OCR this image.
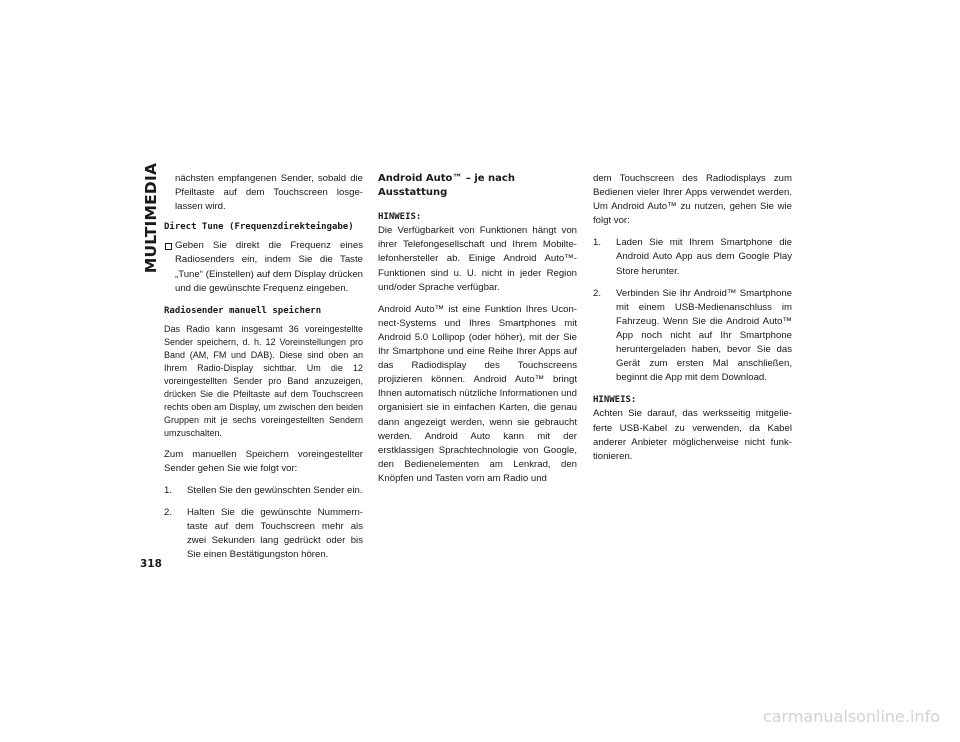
MULTIMEDIA
318

nächsten empfangenen Sender, sobald die Pfeiltaste auf dem Touchscreen losge- lassen wird.

Direct Tune (Frequenzdirekteingabe)

Geben Sie direkt die Frequenz eines Radiosenders ein, indem Sie die Taste „Tune“ (Einstellen) auf dem Display drücken und die gewünschte Frequenz eingeben.

Radiosender manuell speichern

Das Radio kann insgesamt 36 voreingestellte Sender speichern, d. h. 12 Voreinstellungen pro Band (AM, FM und DAB). Diese sind oben an Ihrem Radio-Display sichtbar. Um die 12 voreingestellten Sender pro Band anzuzeigen, drücken Sie die Pfeiltaste auf dem Touchscreen rechts oben am Display, um zwischen den beiden Gruppen mit je sechs voreingestellten Sendern umzuschalten.

Zum manuellen Speichern voreingestellter Sender gehen Sie wie folgt vor:

1. Stellen Sie den gewünschten Sender ein.
2. Halten Sie die gewünschte Nummern- taste auf dem Touchscreen mehr als zwei Sekunden lang gedrückt oder bis Sie einen Bestätigungston hören.
Android Auto™ – je nach Ausstattung
HINWEIS:

Die Verfügbarkeit von Funktionen hängt von ihrer Telefongesellschaft und Ihrem Mobilte- lefonhersteller ab. Einige Android Auto™-Funktionen sind u. U. nicht in jeder Region und/oder Sprache verfügbar.

Android Auto™ ist eine Funktion Ihres Ucon- nect-Systems und Ihres Smartphones mit Android 5.0 Lollipop (oder höher), mit der Sie Ihr Smartphone und eine Reihe Ihrer Apps auf das Radiodisplay des Touchscreens projizieren können. Android Auto™ bringt Ihnen automatisch nützliche Informationen und organisiert sie in einfachen Karten, die genau dann angezeigt werden, wenn sie gebraucht werden. Android Auto kann mit der erstklassigen Sprachtechnologie von Google, den Bedienelementen am Lenkrad, den Knöpfen und Tasten vorn am Radio und

dem Touchscreen des Radiodisplays zum Bedienen vieler Ihrer Apps verwendet werden. Um Android Auto™ zu nutzen, gehen Sie wie folgt vor:

1. Laden Sie mit Ihrem Smartphone die Android Auto App aus dem Google Play Store herunter.
2. Verbinden Sie Ihr Android™ Smartphone mit einem USB-Medienanschluss im Fahrzeug. Wenn Sie die Android Auto™ App noch nicht auf Ihr Smartphone heruntergeladen haben, bevor Sie das Gerät zum ersten Mal anschließen, beginnt die App mit dem Download.
HINWEIS:

Achten Sie darauf, das werksseitig mitgelie- ferte USB-Kabel zu verwenden, da Kabel anderer Anbieter möglicherweise nicht funk- tionieren.

carmanualsonline.info
